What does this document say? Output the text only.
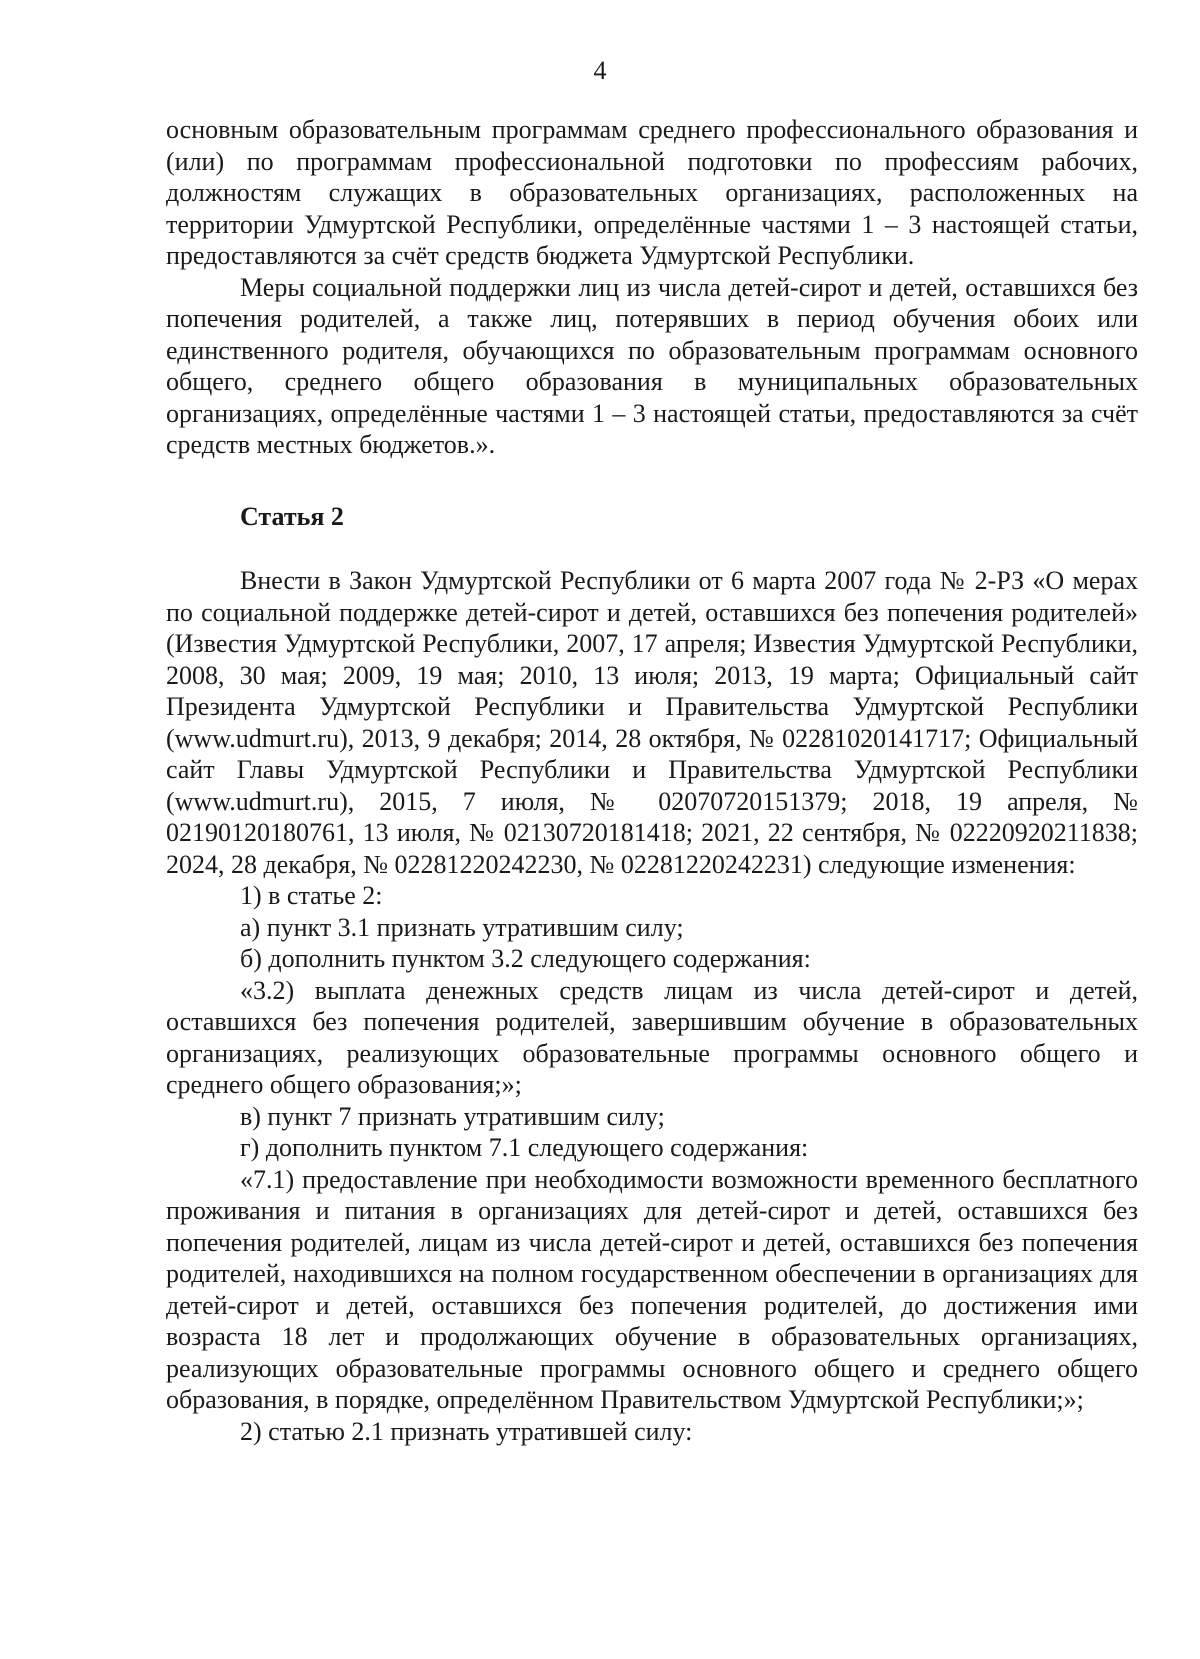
4

основным образовательным программам среднего профессионального образования и (или) по программам профессиональной подготовки по профессиям рабочих, должностям служащих в образовательных организациях, расположенных на территории Удмуртской Республики, определённые частями 1 – 3 настоящей статьи, предоставляются за счёт средств бюджета Удмуртской Республики.

Меры социальной поддержки лиц из числа детей-сирот и детей, оставшихся без попечения родителей, а также лиц, потерявших в период обучения обоих или единственного родителя, обучающихся по образовательным программам основного общего, среднего общего образования в муниципальных образовательных организациях, определённые частями 1 – 3 настоящей статьи, предоставляются за счёт средств местных бюджетов.».

Статья 2

Внести в Закон Удмуртской Республики от 6 марта 2007 года № 2-РЗ «О мерах по социальной поддержке детей-сирот и детей, оставшихся без попечения родителей» (Известия Удмуртской Республики, 2007, 17 апреля; Известия Удмуртской Республики, 2008, 30 мая; 2009, 19 мая; 2010, 13 июля; 2013, 19 марта; Официальный сайт Президента Удмуртской Республики и Правительства Удмуртской Республики (www.udmurt.ru), 2013, 9 декабря; 2014, 28 октября, № 02281020141717; Официальный сайт Главы Удмуртской Республики и Правительства Удмуртской Республики (www.udmurt.ru), 2015, 7 июля, № 02070720151379; 2018, 19 апреля, № 02190120180761, 13 июля, № 02130720181418; 2021, 22 сентября, № 02220920211838; 2024, 28 декабря, № 02281220242230, № 02281220242231) следующие изменения:

1) в статье 2:

а) пункт 3.1 признать утратившим силу;

б) дополнить пунктом 3.2 следующего содержания:

«3.2) выплата денежных средств лицам из числа детей-сирот и детей, оставшихся без попечения родителей, завершившим обучение в образовательных организациях, реализующих образовательные программы основного общего и среднего общего образования;»;

в) пункт 7 признать утратившим силу;

г) дополнить пунктом 7.1 следующего содержания:

«7.1) предоставление при необходимости возможности временного бесплатного проживания и питания в организациях для детей-сирот и детей, оставшихся без попечения родителей, лицам из числа детей-сирот и детей, оставшихся без попечения родителей, находившихся на полном государственном обеспечении в организациях для детей-сирот и детей, оставшихся без попечения родителей, до достижения ими возраста 18 лет и продолжающих обучение в образовательных организациях, реализующих образовательные программы основного общего и среднего общего образования, в порядке, определённом Правительством Удмуртской Республики;»;

2) статью 2.1 признать утратившей силу:
